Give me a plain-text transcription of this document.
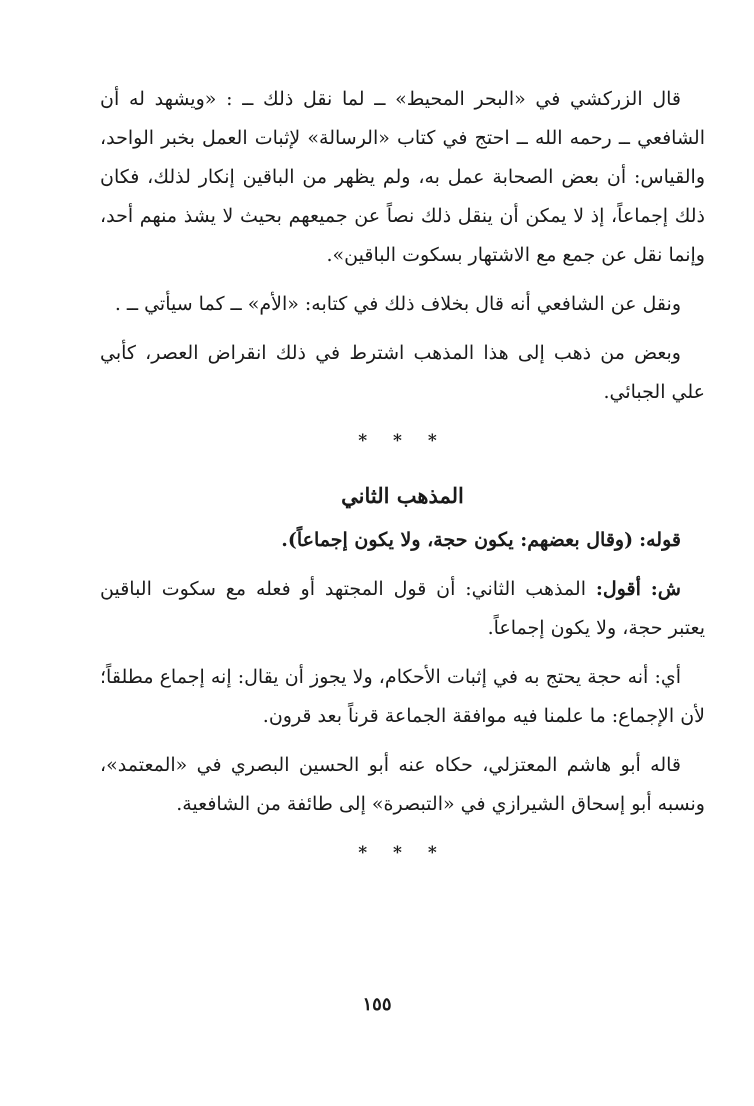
قال الزركشي في «البحر المحيط» ــ لما نقل ذلك ــ : «ويشهد له أن الشافعي ــ رحمه الله ــ احتج في كتاب «الرسالة» لإثبات العمل بخبر الواحد، والقياس: أن بعض الصحابة عمل به، ولم يظهر من الباقين إنكار لذلك، فكان ذلك إجماعاً، إذ لا يمكن أن ينقل ذلك نصاً عن جميعهم بحيث لا يشذ منهم أحد، وإنما نقل عن جمع مع الاشتهار بسكوت الباقين».

ونقل عن الشافعي أنه قال بخلاف ذلك في كتابه: «الأم» ــ كما سيأتي ــ .

وبعض من ذهب إلى هذا المذهب اشترط في ذلك انقراض العصر، كأبي علي الجبائي.

* * *
المذهب الثاني

قوله: (وقال بعضهم: يكون حجة، ولا يكون إجماعاً).

ش: أقول: المذهب الثاني: أن قول المجتهد أو فعله مع سكوت الباقين يعتبر حجة، ولا يكون إجماعاً.

أي: أنه حجة يحتج به في إثبات الأحكام، ولا يجوز أن يقال: إنه إجماع مطلقاً؛ لأن الإجماع: ما علمنا فيه موافقة الجماعة قرناً بعد قرون.

قاله أبو هاشم المعتزلي، حكاه عنه أبو الحسين البصري في «المعتمد»، ونسبه أبو إسحاق الشيرازي في «التبصرة» إلى طائفة من الشافعية.

* * *
١٥٥
